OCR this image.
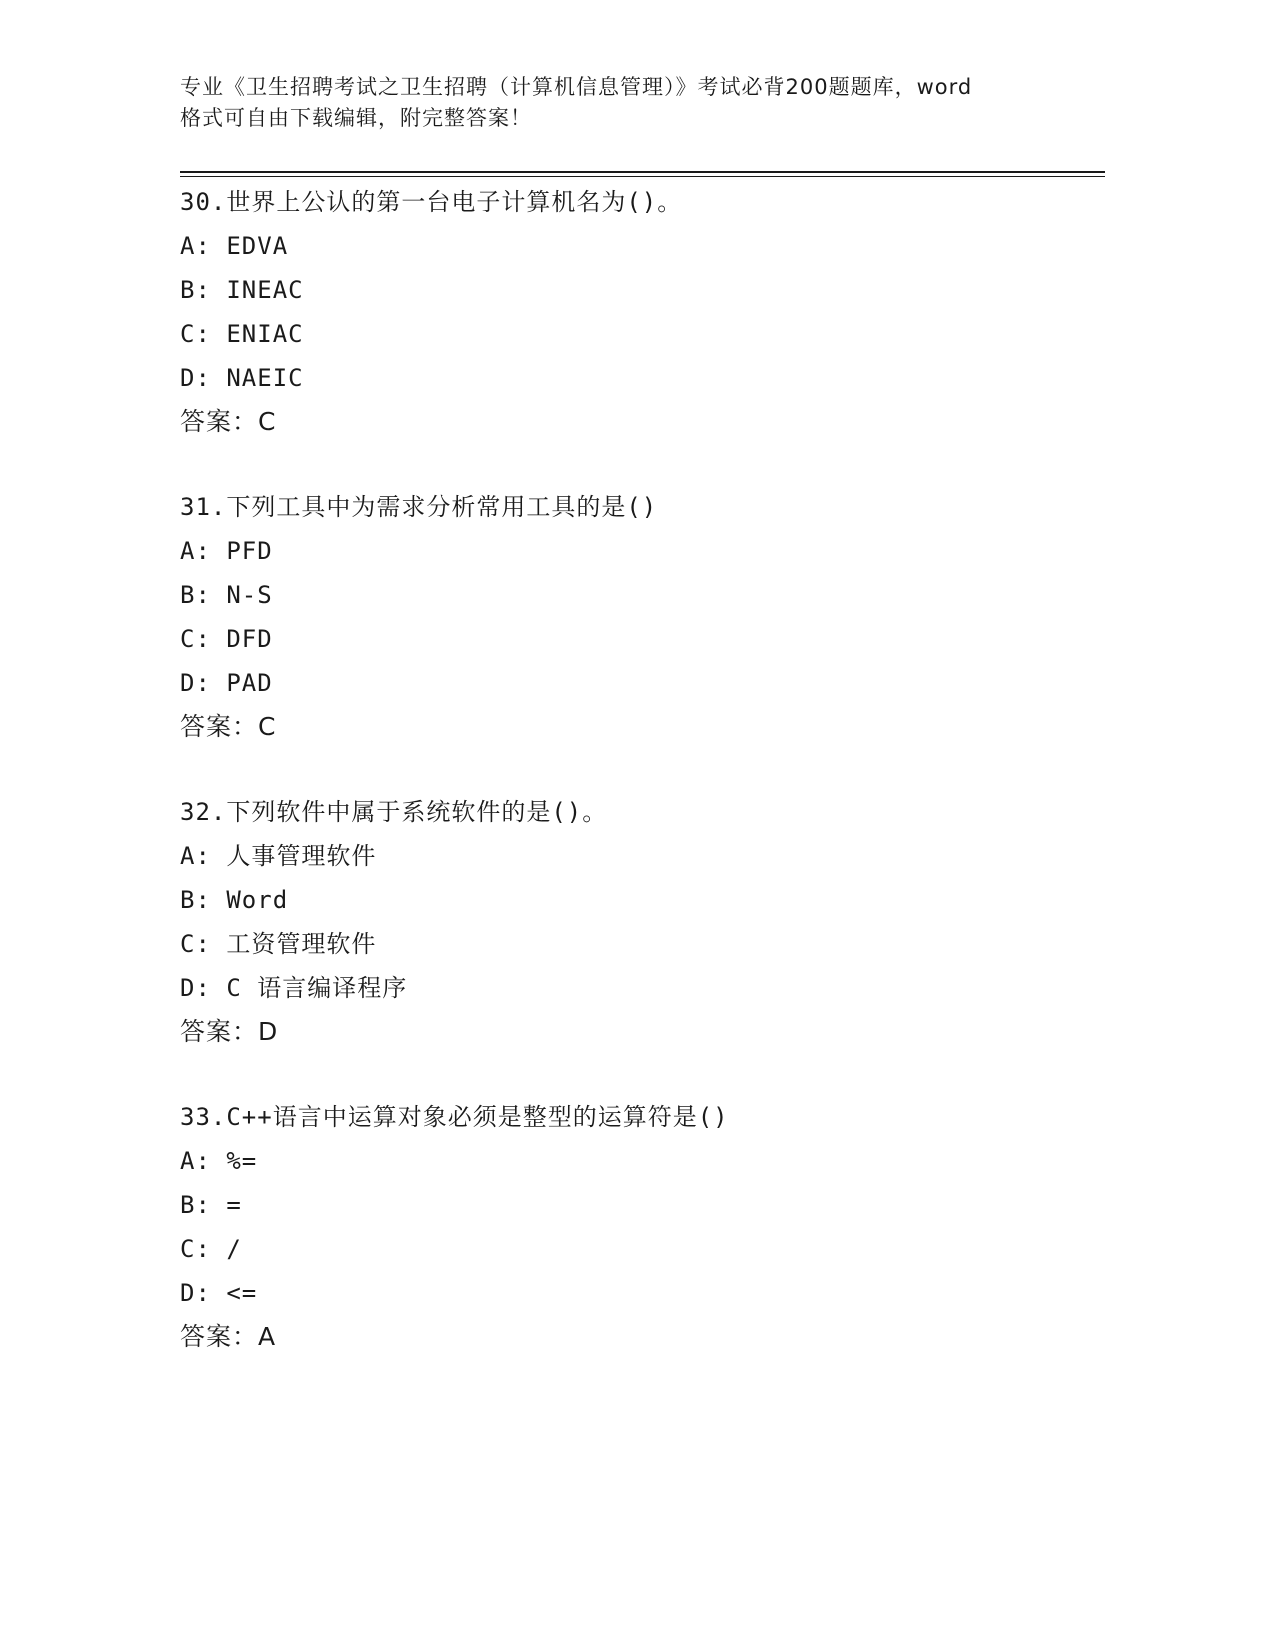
专业《卫生招聘考试之卫生招聘（计算机信息管理）》考试必背200题题库，word
格式可自由下载编辑，附完整答案！
30.世界上公认的第一台电子计算机名为()。
A: EDVA
B: INEAC
C: ENIAC
D: NAEIC
答案：C
31.下列工具中为需求分析常用工具的是()
A: PFD
B: N-S
C: DFD
D: PAD
答案：C
32.下列软件中属于系统软件的是()。
A: 人事管理软件
B: Word
C: 工资管理软件
D: C 语言编译程序
答案：D
33.C++语言中运算对象必须是整型的运算符是()
A: %=
B: =
C: /
D: <=
答案：A
